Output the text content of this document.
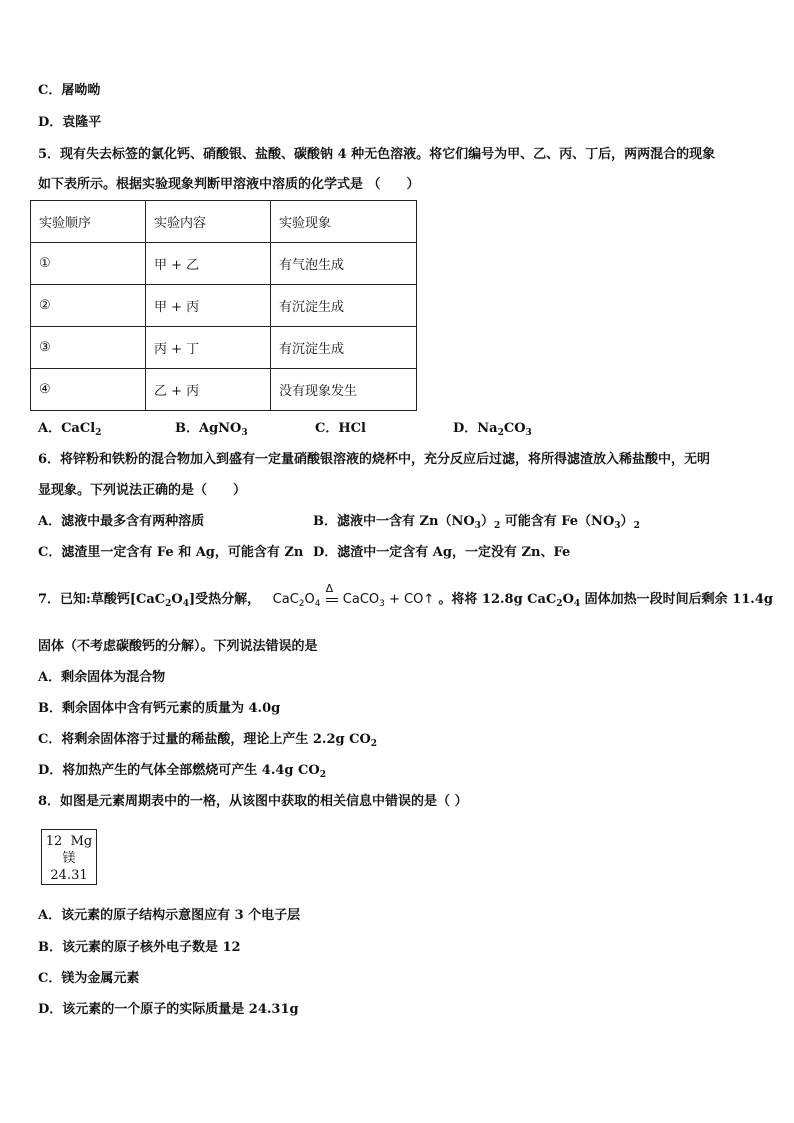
C．屠呦呦
D．袁隆平
5．现有失去标签的氯化钙、硝酸银、盐酸、碳酸钠 4 种无色溶液。将它们编号为甲、乙、丙、丁后，两两混合的现象
如下表所示。根据实验现象判断甲溶液中溶质的化学式是 （　　）
实验顺序	实验内容	实验现象
①	甲 + 乙	有气泡生成
②	甲 + 丙	有沉淀生成
③	丙 + 丁	有沉淀生成
④	乙 + 丙	没有现象发生
A．CaCl$_2$	B．AgNO$_3$	C．HCl	D．$Na_2CO_3$
6．将锌粉和铁粉的混合物加入到盛有一定量硝酸银溶液的烧杯中，充分反应后过滤，将所得滤渣放入稀盐酸中，无明
显现象。下列说法正确的是（　　）
A．滤液中最多含有两种溶质	B．滤液中一含有 $Zn(NO_3)_2$ 可能含有 $Fe(NO_3)_2$
C．滤渣里一定含有 Fe 和 Ag，可能含有 Zn D．滤渣中一定含有 Ag，一定没有 Zn、Fe
7．已知:草酸钙$[CaC_2O_4]$受热分解， $CaC_2O_4$
Δ
CaCO$_3$ + CO↑ 。将将 12.8g $CaC_2O_4$ 固体加热一段时间后剩余 11.4g
固体（不考虑碳酸钙的分解）。下列说法错误的是
A．剩余固体为混合物
B．剩余固体中含有钙元素的质量为 4.0g
C．将剩余固体溶于过量的稀盐酸，理论上产生 2.2g $CO_2$
D．将加热产生的气体全部燃烧可产生 4.4g $CO_2$
8．如图是元素周期表中的一格，从该图中获取的相关信息中错误的是（ ）
12 Mg
镁
24.31
A．该元素的原子结构示意图应有 3 个电子层
B．该元素的原子核外电子数是 12
C．镁为金属元素
D．该元素的一个原子的实际质量是 24.31g
